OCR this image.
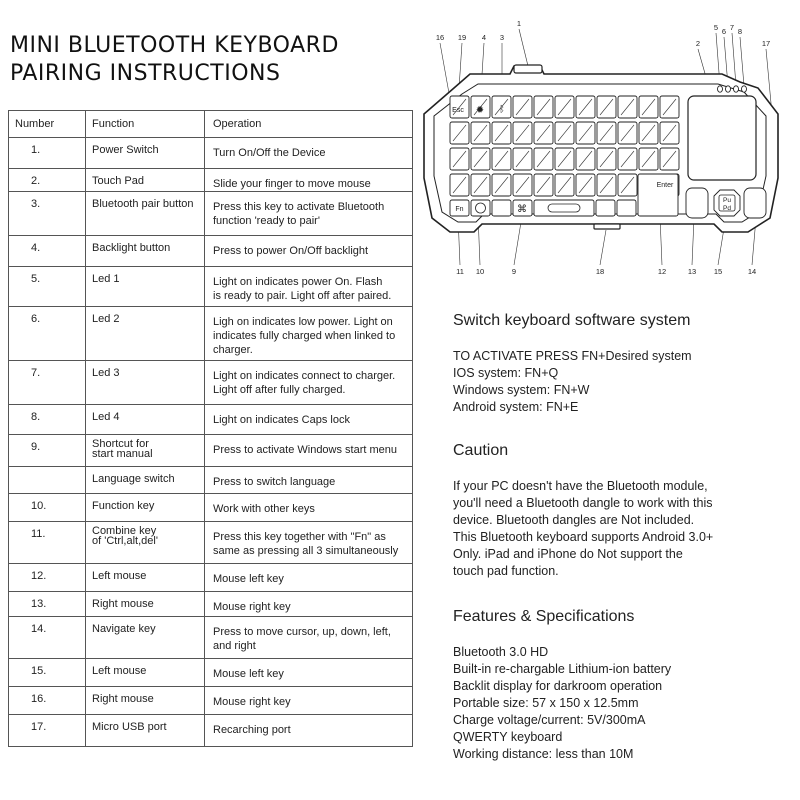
MINI BLUETOOTH KEYBOARD
PAIRING INSTRUCTIONS
Number	Function	Operation
1.	Power Switch	Turn On/Off the Device

2.	Touch Pad	Slide your finger to move mouse

3.	Bluetooth pair button	Press this key to activate Bluetooth
function 'ready to pair'

4.	Backlight button	Press to power On/Off backlight

5.	Led 1	Light on indicates power On. Flash
is ready to pair. Light off after paired.

6.	Led 2	Ligh on indicates low power. Light on
indicates fully charged when linked to
charger.

7.	Led 3	Light on indicates connect to charger.
Light off after fully charged.

8.	Led 4	Light on indicates Caps lock

9.	Shortcut for
start manual	Press to activate Windows start menu

	Language switch	Press to switch language

10.	Function key	Work with other keys

11.	Combine key
of 'Ctrl,alt,del'	Press this key together with "Fn" as
same as pressing all 3 simultaneously

12.	Left mouse	Mouse left key

13.	Right mouse	Mouse right key

14.	Navigate key	Press to move cursor, up, down, left,
and right

15.	Left mouse	Mouse left key

16.	Right mouse	Mouse right key

17.	Micro USB port	Recarching port
Esc
Fn
Enter
Pu
Pd
ᛒ
✹
⌘
16 19 4 3
1
2
5 6 7 8
17
11 10	9	18	12	13 15	14
Switch keyboard software system
TO ACTIVATE PRESS FN+Desired system
IOS system: FN+Q
Windows system: FN+W
Android system: FN+E
Caution
If your PC doesn't have the Bluetooth module,
you'll need a Bluetooth dangle to work with this
device. Bluetooth dangles are Not included.
This Bluetooth keyboard supports Android 3.0+
Only. iPad and iPhone do Not support the
touch pad function.
Features & Specifications
Bluetooth 3.0 HD
Built-in re-chargable Lithium-ion battery
Backlit display for darkroom operation
Portable size: 57 x 150 x 12.5mm
Charge voltage/current: 5V/300mA
QWERTY keyboard
Working distance: less than 10M
